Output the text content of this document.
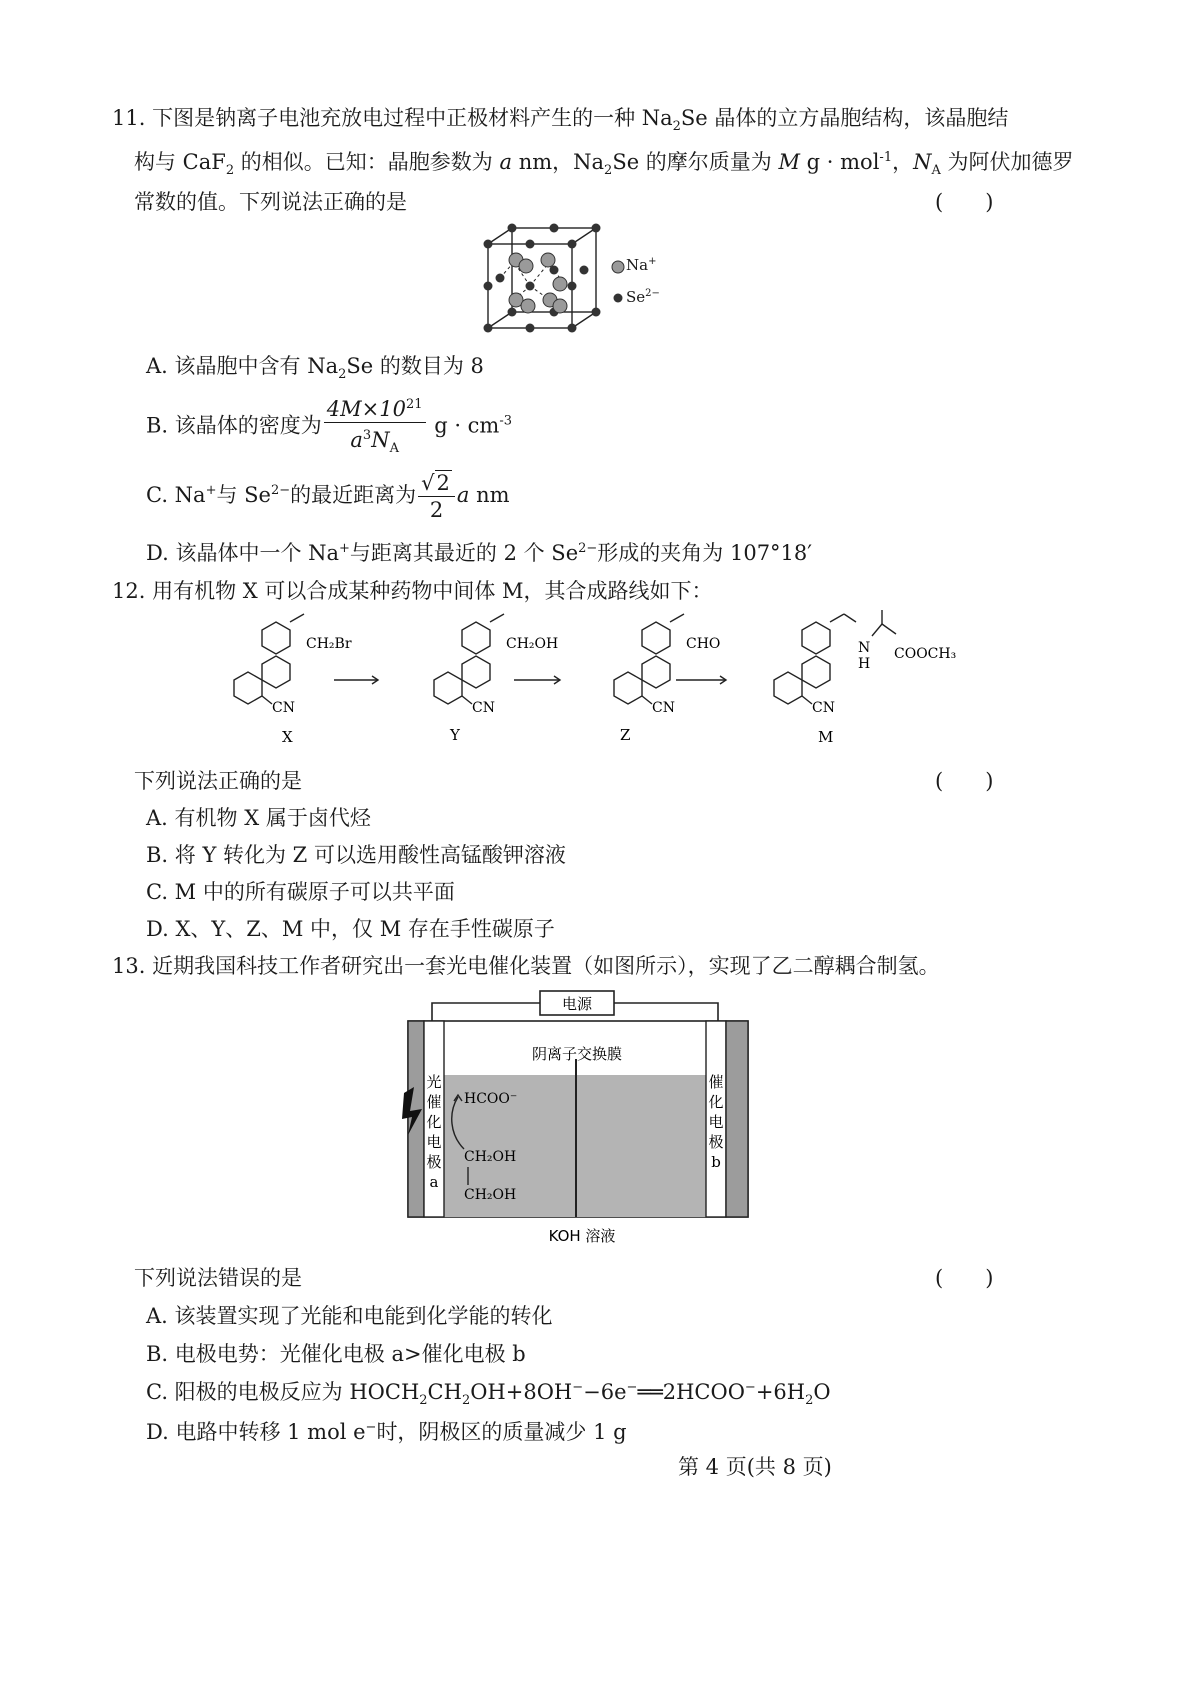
11. 下图是钠离子电池充放电过程中正极材料产生的一种 $Na_2Se$ 晶体的立方晶胞结构，该晶胞结
构与 CaF$_2$ 的相似。已知：晶胞参数为 a nm，$Na_2Se$ 的摩尔质量为 M g · mol$^{-1}$，$N_A$ 为阿伏加德罗
常数的值。下列说法正确的是	(　　)
Na+
$Se^{2-}$
A. 该晶胞中含有 $Na_2Se$ 的数目为 8
B. 该晶体的密度为 $\frac{4M\times 10^{21}}{a^3N_A}$ $g \cdot cm^{-3}$
C. Na+与 $Se^{2-}$的最近距离为 $\frac{√2}{2}$ a nm
D. 该晶体中一个 Na+与距离其最近的 2 个 $Se^{2-}$形成的夹角为 107°18′
12. 用有机物 X 可以合成某种药物中间体 M，其合成路线如下：
CH₂Br
CN
CH₂OH
CN
CHO
CN
N
H
COOCH₃
CN
X	Y	Z	M
下列说法正确的是	(　　)
A. 有机物 X 属于卤代烃
B. 将 Y 转化为 Z 可以选用酸性高锰酸钾溶液
C. M 中的所有碳原子可以共平面
D. X、Y、Z、M 中，仅 M 存在手性碳原子
13. 近期我国科技工作者研究出一套光电催化装置（如图所示），实现了乙二醇耦合制氢。
电源
阴离子交换膜
光
催
化
电
极
a
催
化
电
极
b
HCOO⁻
CH₂OH
CH₂OH
KOH 溶液
下列说法错误的是	(　　)
A. 该装置实现了光能和电能到化学能的转化
B. 电极电势：光催化电极 a>催化电极 b
C. 阳极的电极反应为 $HOCH_2CH_2OH+8OH^--6e^-══2HCOO^-+6H_2O$
D. 电路中转移 1 mol e−时，阴极区的质量减少 1 g
第 4 页(共 8 页)
